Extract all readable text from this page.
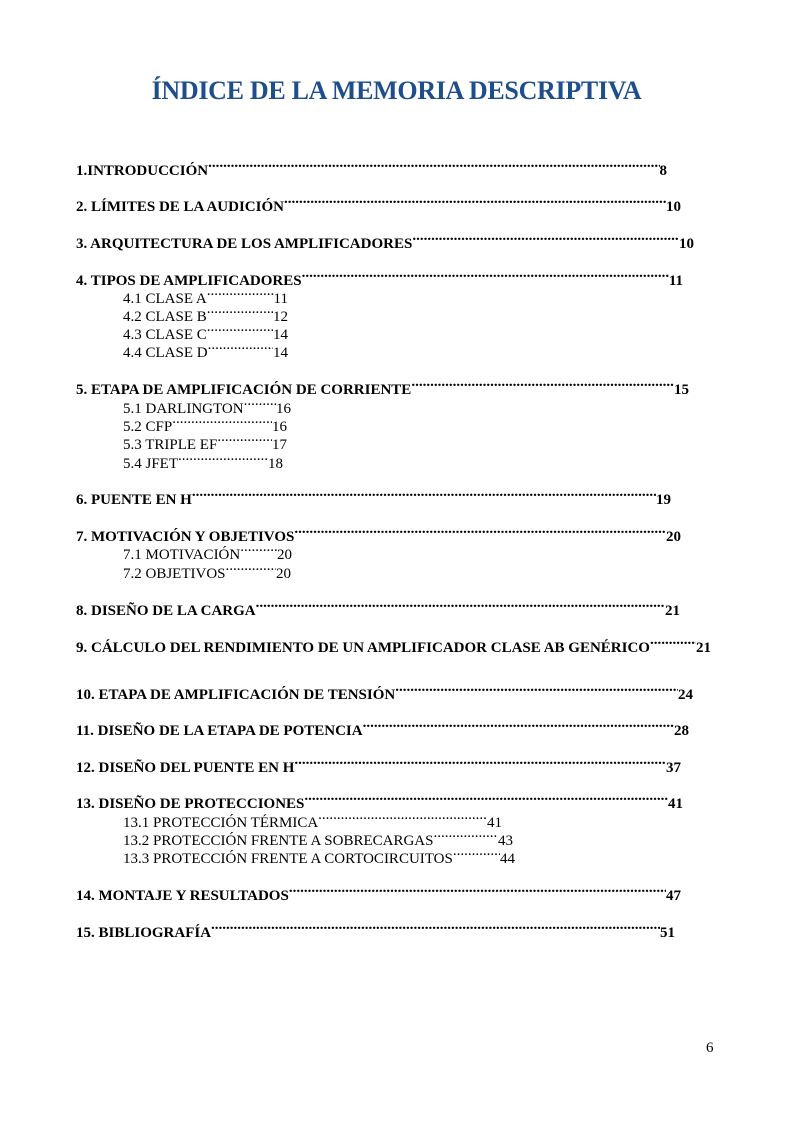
ÍNDICE DE LA MEMORIA DESCRIPTIVA
1.INTRODUCCIÓN .....	8
2. LÍMITES DE LA AUDICIÓN .....	10
3. ARQUITECTURA DE LOS AMPLIFICADORES .....	10
4. TIPOS DE AMPLIFICADORES .....	11
4.1 CLASE A .....	11
4.2 CLASE B .....	12
4.3 CLASE C .....	14
4.4 CLASE D .....	14
5. ETAPA DE AMPLIFICACIÓN DE CORRIENTE .....	15
5.1 DARLINGTON ..... 16
5.2 CFP .....	16
5.3 TRIPLE EF .....	17
5.4 JFET .....	18
6. PUENTE EN H .....	19
7. MOTIVACIÓN Y OBJETIVOS .....	20
7.1 MOTIVACIÓN ..... 20
7.2 OBJETIVOS .....	20
8. DISEÑO DE LA CARGA .....	21
9. CÁLCULO DEL RENDIMIENTO DE UN AMPLIFICADOR CLASE AB GENÉRICO .....	21
10. ETAPA DE AMPLIFICACIÓN DE TENSIÓN .....	24
11. DISEÑO DE LA ETAPA DE POTENCIA .....	28
12. DISEÑO DEL PUENTE EN H .....	37
13. DISEÑO DE PROTECCIONES .....	41
13.1 PROTECCIÓN TÉRMICA .....	41
13.2 PROTECCIÓN FRENTE A SOBRECARGAS .....	43
13.3 PROTECCIÓN FRENTE A CORTOCIRCUITOS .....	44
14. MONTAJE Y RESULTADOS .....	47
15. BIBLIOGRAFÍA .....	51
6
